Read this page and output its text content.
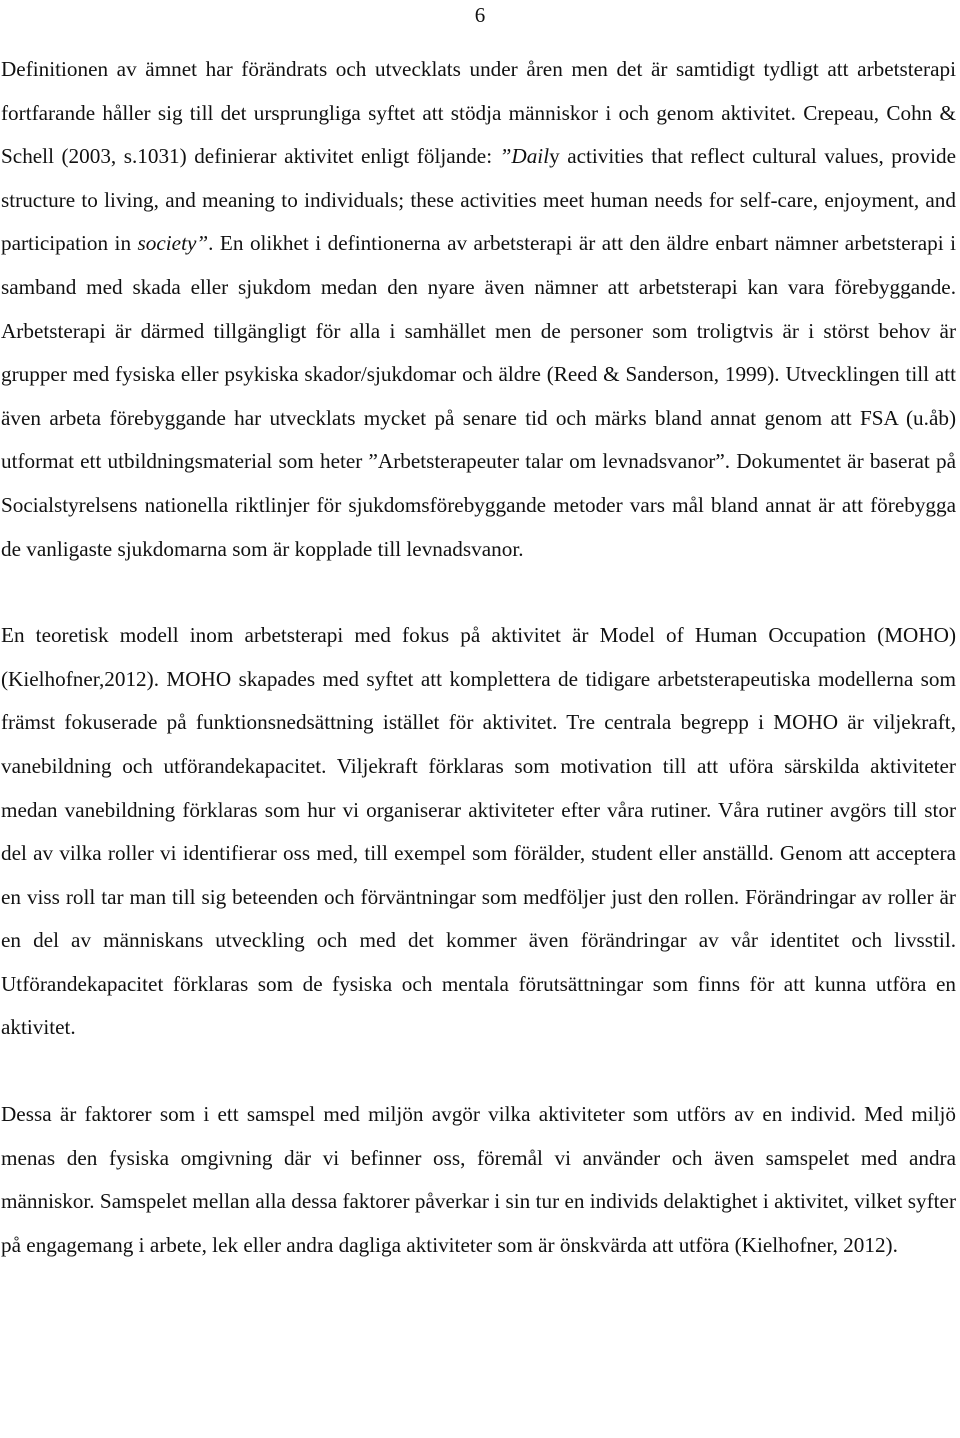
6

Definitionen av ämnet har förändrats och utvecklats under åren men det är samtidigt tydligt att arbetsterapi fortfarande håller sig till det ursprungliga syftet att stödja människor i och genom aktivitet. Crepeau, Cohn & Schell (2003, s.1031) definierar aktivitet enligt följande: ”Daily activities that reflect cultural values, provide structure to living, and meaning to individuals; these activities meet human needs for self-care, enjoyment, and participation in society”. En olikhet i defintionerna av arbetsterapi är att den äldre enbart nämner arbetsterapi i samband med skada eller sjukdom medan den nyare även nämner att arbetsterapi kan vara förebyggande. Arbetsterapi är därmed tillgängligt för alla i samhället men de personer som troligtvis är i störst behov är grupper med fysiska eller psykiska skador/sjukdomar och äldre (Reed & Sanderson, 1999). Utvecklingen till att även arbeta förebyggande har utvecklats mycket på senare tid och märks bland annat genom att FSA (u.åb) utformat ett utbildningsmaterial som heter ”Arbetsterapeuter talar om levnadsvanor”. Dokumentet är baserat på Socialstyrelsens nationella riktlinjer för sjukdomsförebyggande metoder vars mål bland annat är att förebygga de vanligaste sjukdomarna som är kopplade till levnadsvanor.

En teoretisk modell inom arbetsterapi med fokus på aktivitet är Model of Human Occupation (MOHO) (Kielhofner,2012). MOHO skapades med syftet att komplettera de tidigare arbetsterapeutiska modellerna som främst fokuserade på funktionsnedsättning istället för aktivitet. Tre centrala begrepp i MOHO är viljekraft, vanebildning och utförandekapacitet. Viljekraft förklaras som motivation till att uföra särskilda aktiviteter medan vanebildning förklaras som hur vi organiserar aktiviteter efter våra rutiner. Våra rutiner avgörs till stor del av vilka roller vi identifierar oss med, till exempel som förälder, student eller anställd. Genom att acceptera en viss roll tar man till sig beteenden och förväntningar som medföljer just den rollen. Förändringar av roller är en del av människans utveckling och med det kommer även förändringar av vår identitet och livsstil. Utförandekapacitet förklaras som de fysiska och mentala förutsättningar som finns för att kunna utföra en aktivitet.

Dessa är faktorer som i ett samspel med miljön avgör vilka aktiviteter som utförs av en individ. Med miljö menas den fysiska omgivning där vi befinner oss, föremål vi använder och även samspelet med andra människor. Samspelet mellan alla dessa faktorer påverkar i sin tur en individs delaktighet i aktivitet, vilket syfter på engagemang i arbete, lek eller andra dagliga aktiviteter som är önskvärda att utföra (Kielhofner, 2012).
